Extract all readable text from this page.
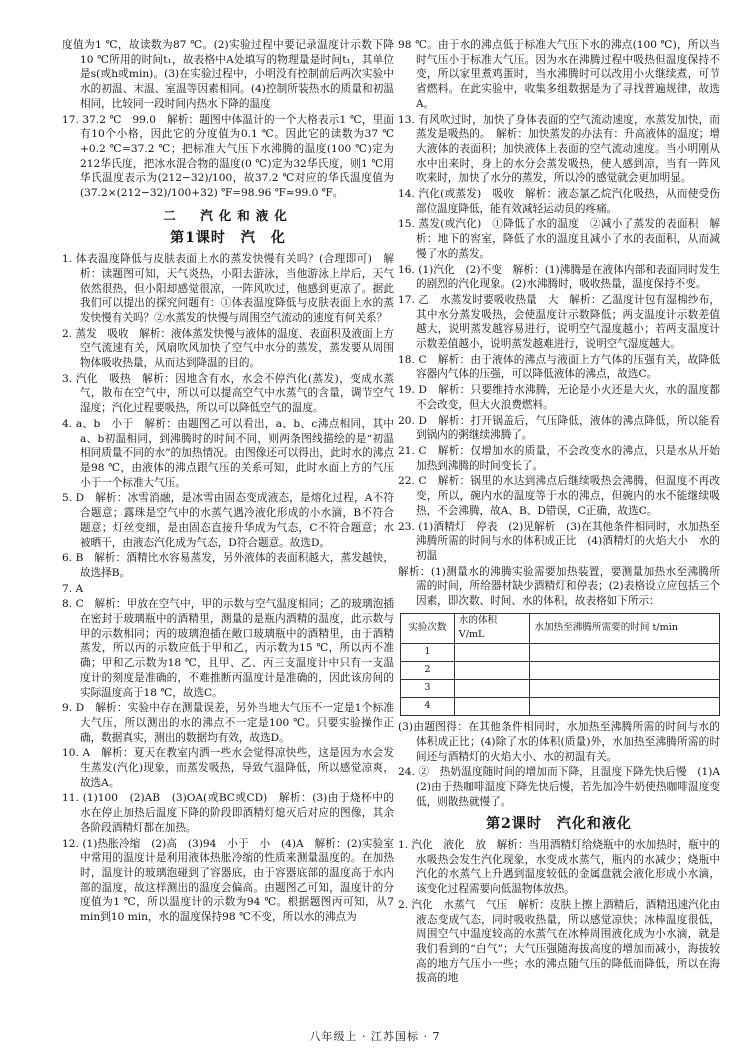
度值为1 ℃，故读数为87 ℃。(2)实验过程中要记录温度计示数下降10 ℃所用的时间t₁，故表格中A处填写的物理量是时间t₁，其单位是s(或h或min)。(3)在实验过程中，小明没有控制前后两次实验中水的初温、末温、室温等因素相同。(4)控制所装热水的质量和初温相同，比较同一段时间内热水下降的温度
17. 37.2 ℃　99.0　解析：题图中体温计的一个大格表示1 ℃，里面有10个小格，因此它的分度值为0.1 ℃。因此它的读数为37 ℃+0.2 ℃=37.2 ℃；把标准大气压下水沸腾的温度(100 ℃)定为212华氏度，把冰水混合物的温度(0 ℃)定为32华氏度，则1 ℃用华氏温度表示为(212−32)/100，故37.2 ℃对应的华氏温度值为(37.2×(212−32)/100+32) ℉=98.96 ℉≈99.0 ℉。
二　汽化和液化
第1课时　汽　化
1. 体表温度降低与皮肤表面上水的蒸发快慢有关吗？(合理即可)　解析：读题图可知，天气炎热，小阳去游泳，当他游泳上岸后，天气依然很热，但小阳却感觉很凉，一阵风吹过，他感到更凉了。据此我们可以提出的探究问题有：①体表温度降低与皮肤表面上水的蒸发快慢有关吗？②水蒸发的快慢与周围空气流动的速度有何关系？
2. 蒸发　吸收　解析：液体蒸发快慢与液体的温度、表面积及液面上方空气流速有关，风扇吹风加快了空气中水分的蒸发，蒸发要从周围物体吸收热量，从而达到降温的目的。
3. 汽化　吸热　解析：因地含有水，水会不停汽化(蒸发)，变成水蒸气，散布在空气中，所以可以提高空气中水蒸气的含量，调节空气湿度；汽化过程要吸热，所以可以降低空气的温度。
4. a、b　小于　解析：由题图乙可以看出，a、b、c沸点相同，其中a、b初温相同，到沸腾时的时间不同，则两条图线描绘的是“初温相同质量不同的水”的加热情况。由图像还可以得出，此时水的沸点是98 ℃，由液体的沸点跟气压的关系可知，此时水面上方的气压小于一个标准大气压。
5. D　解析：冰雪消融，是冰雪由固态变成液态，是熔化过程，A不符合题意；露珠是空气中的水蒸气遇冷液化形成的小水滴，B不符合题意；灯丝变细，是由固态直接升华成为气态，C不符合题意；水被晒干，由液态汽化成为气态，D符合题意。故选D。
6. B　解析：酒精比水容易蒸发，另外液体的表面积越大，蒸发越快，故选择B。
7. A
8. C　解析：甲放在空气中，甲的示数与空气温度相同；乙的玻璃泡插在密封于玻璃瓶中的酒精里，测量的是瓶内酒精的温度，此示数与甲的示数相同；丙的玻璃泡插在敞口玻璃瓶中的酒精里，由于酒精蒸发，所以丙的示数应低于甲和乙，丙示数为15 ℃，所以丙不准确；甲和乙示数为18 ℃，且甲、乙、丙三支温度计中只有一支温度计的刻度是准确的，不难推断丙温度计是准确的，因此该房间的实际温度高于18 ℃，故选C。
9. D　解析：实验中存在测量误差，另外当地大气压不一定是1个标准大气压，所以测出的水的沸点不一定是100 ℃。只要实验操作正确，数据真实，测出的数据均有效，故选D。
10. A　解析：夏天在教室内洒一些水会觉得凉快些，这是因为水会发生蒸发(汽化)现象，而蒸发吸热，导致气温降低，所以感觉凉爽，故选A。
11. (1)100　(2)AB　(3)OA(或BC或CD)　解析：(3)由于烧杯中的水在停止加热后温度下降的阶段即酒精灯熄灭后对应的图像，其余各阶段酒精灯都在加热。
12. (1)热胀冷缩　(2)高　(3)94　小于　小　(4)A　解析：(2)实验室中常用的温度计是利用液体热胀冷缩的性质来测量温度的。在加热时，温度计的玻璃泡碰到了容器底，由于容器底部的温度高于水内部的温度，故这样测出的温度会偏高。由题图乙可知，温度计的分度值为1 ℃，所以温度计的示数为94 ℃。根据题图丙可知，从7 min到10 min，水的温度保持98 ℃不变，所以水的沸点为
98 ℃。由于水的沸点低于标准大气压下水的沸点(100 ℃)，所以当时气压小于标准大气压。因为水在沸腾过程中吸热但温度保持不变，所以家里煮鸡蛋时，当水沸腾时可以改用小火继续煮，可节省燃料。在此实验中，收集多组数据是为了寻找普遍规律，故选A。
13. 有风吹过时，加快了身体表面的空气流动速度，水蒸发加快，而蒸发是吸热的。　解析：加快蒸发的办法有：升高液体的温度；增大液体的表面积；加快液体上表面的空气流动速度。当小明刚从水中出来时，身上的水分会蒸发吸热，使人感到凉，当有一阵风吹来时，加快了水分的蒸发，所以冷的感觉就会更加明显。
14. 汽化(或蒸发)　吸收　解析：液态氯乙烷汽化吸热，从而使受伤部位温度降低，能有效减轻运动员的疼痛。
15. 蒸发(或汽化)　①降低了水的温度　②减小了蒸发的表面积　解析：地下的窖室，降低了水的温度且减小了水的表面积，从而减慢了水的蒸发。
16. (1)汽化　(2)不变　解析：(1)沸腾是在液体内部和表面同时发生的剧烈的汽化现象。(2)水沸腾时，吸收热量，温度保持不变。
17. 乙　水蒸发时要吸收热量　大　解析：乙温度计包有湿棉纱布，其中水分蒸发吸热，会使温度计示数降低；两支温度计示数差值越大，说明蒸发越容易进行，说明空气湿度越小；若两支温度计示数差值越小，说明蒸发越难进行，说明空气湿度越大。
18. C　解析：由于液体的沸点与液面上方气体的压强有关，故降低容器内气体的压强，可以降低液体的沸点，故选C。
19. D　解析：只要维持水沸腾，无论是小火还是大火，水的温度都不会改变，但大火浪费燃料。
20. D　解析：打开锅盖后，气压降低，液体的沸点降低，所以能看到锅内的粥继续沸腾了。
21. C　解析：仅增加水的质量，不会改变水的沸点，只是水从开始加热到沸腾的时间变长了。
22. C　解析：锅里的水达到沸点后继续吸热会沸腾，但温度不再改变，所以，碗内水的温度等于水的沸点，但碗内的水不能继续吸热，不会沸腾，故A、B、D错误，C正确，故选C。
23. (1)酒精灯　停表　(2)见解析　(3)在其他条件相同时，水加热至沸腾所需的时间与水的体积成正比　(4)酒精灯的火焰大小　水的初温
解析：(1)测量水的沸腾实验需要加热装置，要测量加热水至沸腾所需的时间，所给器材缺少酒精灯和停表；(2)表格设立应包括三个因素，即次数、时间、水的体积，故表格如下所示：
实验次数	水的体积 V/mL	水加热至沸腾所需要的时间 t/min
1		
2		
3		
4		
(3)由题图得：在其他条件相同时，水加热至沸腾所需的时间与水的体积成正比；(4)除了水的体积(质量)外，水加热至沸腾所需的时间还与酒精灯的火焰大小、水的初温有关。
24. ②　热奶温度随时间的增加而下降，且温度下降先快后慢　(1)A　(2)由于热咖啡温度下降先快后慢，若先加冷牛奶使热咖啡温度变低，则散热就慢了。
第2课时　汽化和液化
1. 汽化　液化　放　解析：当用酒精灯给烧瓶中的水加热时，瓶中的水吸热会发生汽化现象，水变成水蒸气，瓶内的水减少；烧瓶中汽化的水蒸气上升遇到温度较低的金属盘就会液化形成小水滴，该变化过程需要向低温物体放热。
2. 汽化　水蒸气　气压　解析：皮肤上擦上酒精后，酒精迅速汽化由液态变成气态，同时吸收热量，所以感觉凉快；冰棒温度很低，周围空气中温度较高的水蒸气在冰棒周围液化成为小水滴，就是我们看到的“白气”；大气压强随海拔高度的增加而减小，海拔较高的地方气压小一些；水的沸点随气压的降低而降低，所以在海拔高的地
八年级上 · 江苏国标 · 7
